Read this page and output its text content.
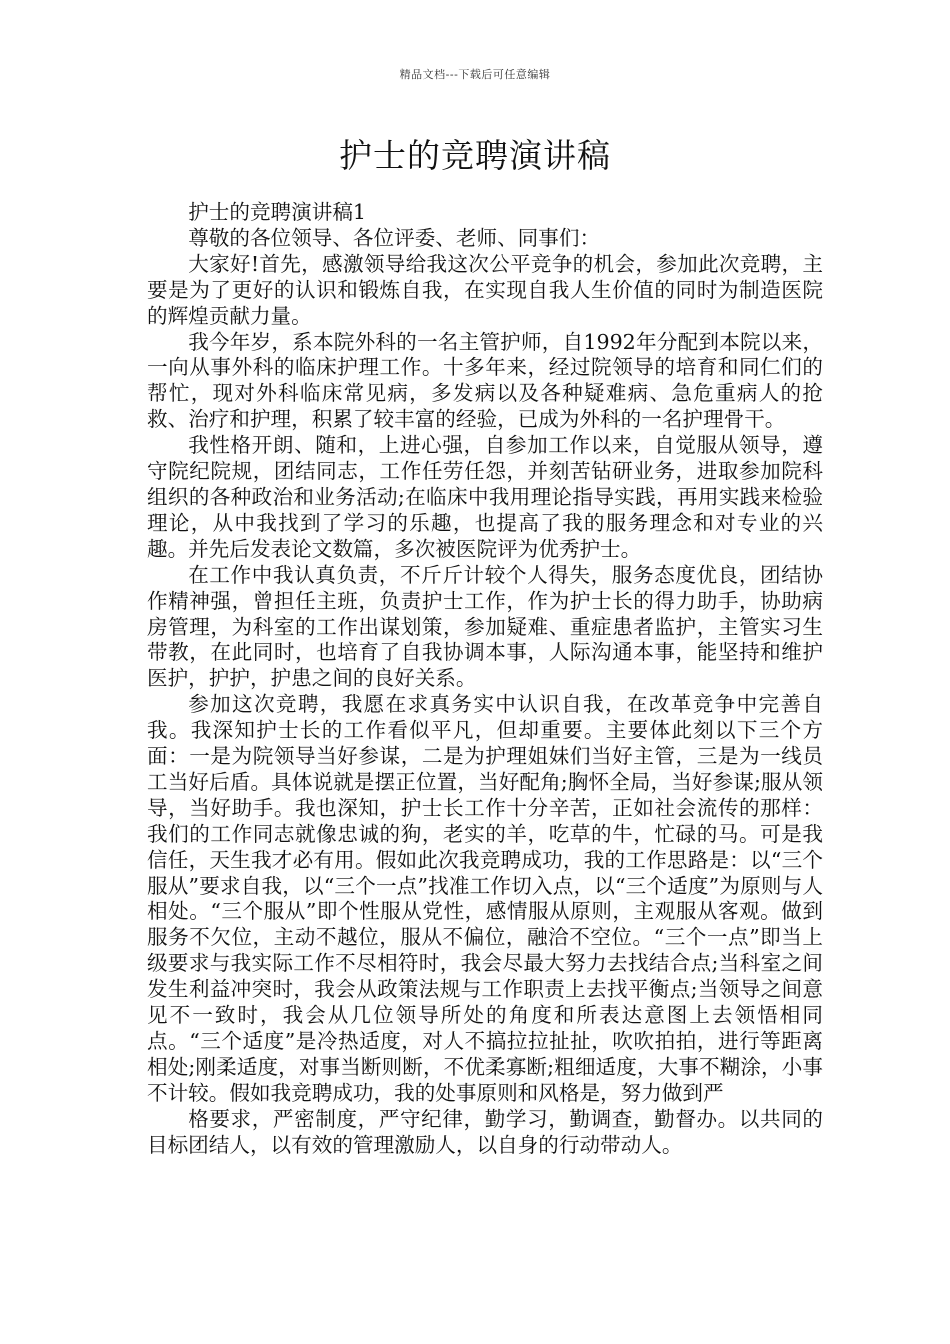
精品文档---下载后可任意编辑
护士的竞聘演讲稿

护士的竞聘演讲稿1

尊敬的各位领导、各位评委、老师、同事们：

大家好!首先，感激领导给我这次公平竞争的机会，参加此次竞聘，主要是为了更好的认识和锻炼自我，在实现自我人生价值的同时为制造医院的辉煌贡献力量。

我今年岁，系本院外科的一名主管护师，自1992年分配到本院以来，一向从事外科的临床护理工作。十多年来，经过院领导的培育和同仁们的帮忙，现对外科临床常见病，多发病以及各种疑难病、急危重病人的抢救、治疗和护理，积累了较丰富的经验，已成为外科的一名护理骨干。

我性格开朗、随和，上进心强，自参加工作以来，自觉服从领导，遵守院纪院规，团结同志，工作任劳任怨，并刻苦钻研业务，进取参加院科组织的各种政治和业务活动;在临床中我用理论指导实践，再用实践来检验理论，从中我找到了学习的乐趣，也提高了我的服务理念和对专业的兴趣。并先后发表论文数篇，多次被医院评为优秀护士。

在工作中我认真负责，不斤斤计较个人得失，服务态度优良，团结协作精神强，曾担任主班，负责护士工作，作为护士长的得力助手，协助病房管理，为科室的工作出谋划策，参加疑难、重症患者监护，主管实习生带教，在此同时，也培育了自我协调本事，人际沟通本事，能坚持和维护医护，护护，护患之间的良好关系。

参加这次竞聘，我愿在求真务实中认识自我，在改革竞争中完善自我。我深知护士长的工作看似平凡，但却重要。主要体此刻以下三个方面：一是为院领导当好参谋，二是为护理姐妹们当好主管，三是为一线员工当好后盾。具体说就是摆正位置，当好配角;胸怀全局，当好参谋;服从领导，当好助手。我也深知，护士长工作十分辛苦，正如社会流传的那样：我们的工作同志就像忠诚的狗，老实的羊，吃草的牛，忙碌的马。可是我信任，天生我才必有用。假如此次我竞聘成功，我的工作思路是：以“三个服从”要求自我，以“三个一点”找准工作切入点，以“三个适度”为原则与人相处。“三个服从”即个性服从党性，感情服从原则，主观服从客观。做到服务不欠位，主动不越位，服从不偏位，融洽不空位。“三个一点”即当上级要求与我实际工作不尽相符时，我会尽最大努力去找结合点;当科室之间发生利益冲突时，我会从政策法规与工作职责上去找平衡点;当领导之间意见不一致时，我会从几位领导所处的角度和所表达意图上去领悟相同点。“三个适度”是冷热适度，对人不搞拉拉扯扯，吹吹拍拍，进行等距离相处;刚柔适度，对事当断则断，不优柔寡断;粗细适度，大事不糊涂，小事不计较。假如我竞聘成功，我的处事原则和风格是，努力做到严

格要求，严密制度，严守纪律，勤学习，勤调查，勤督办。以共同的目标团结人，以有效的管理激励人，以自身的行动带动人。
